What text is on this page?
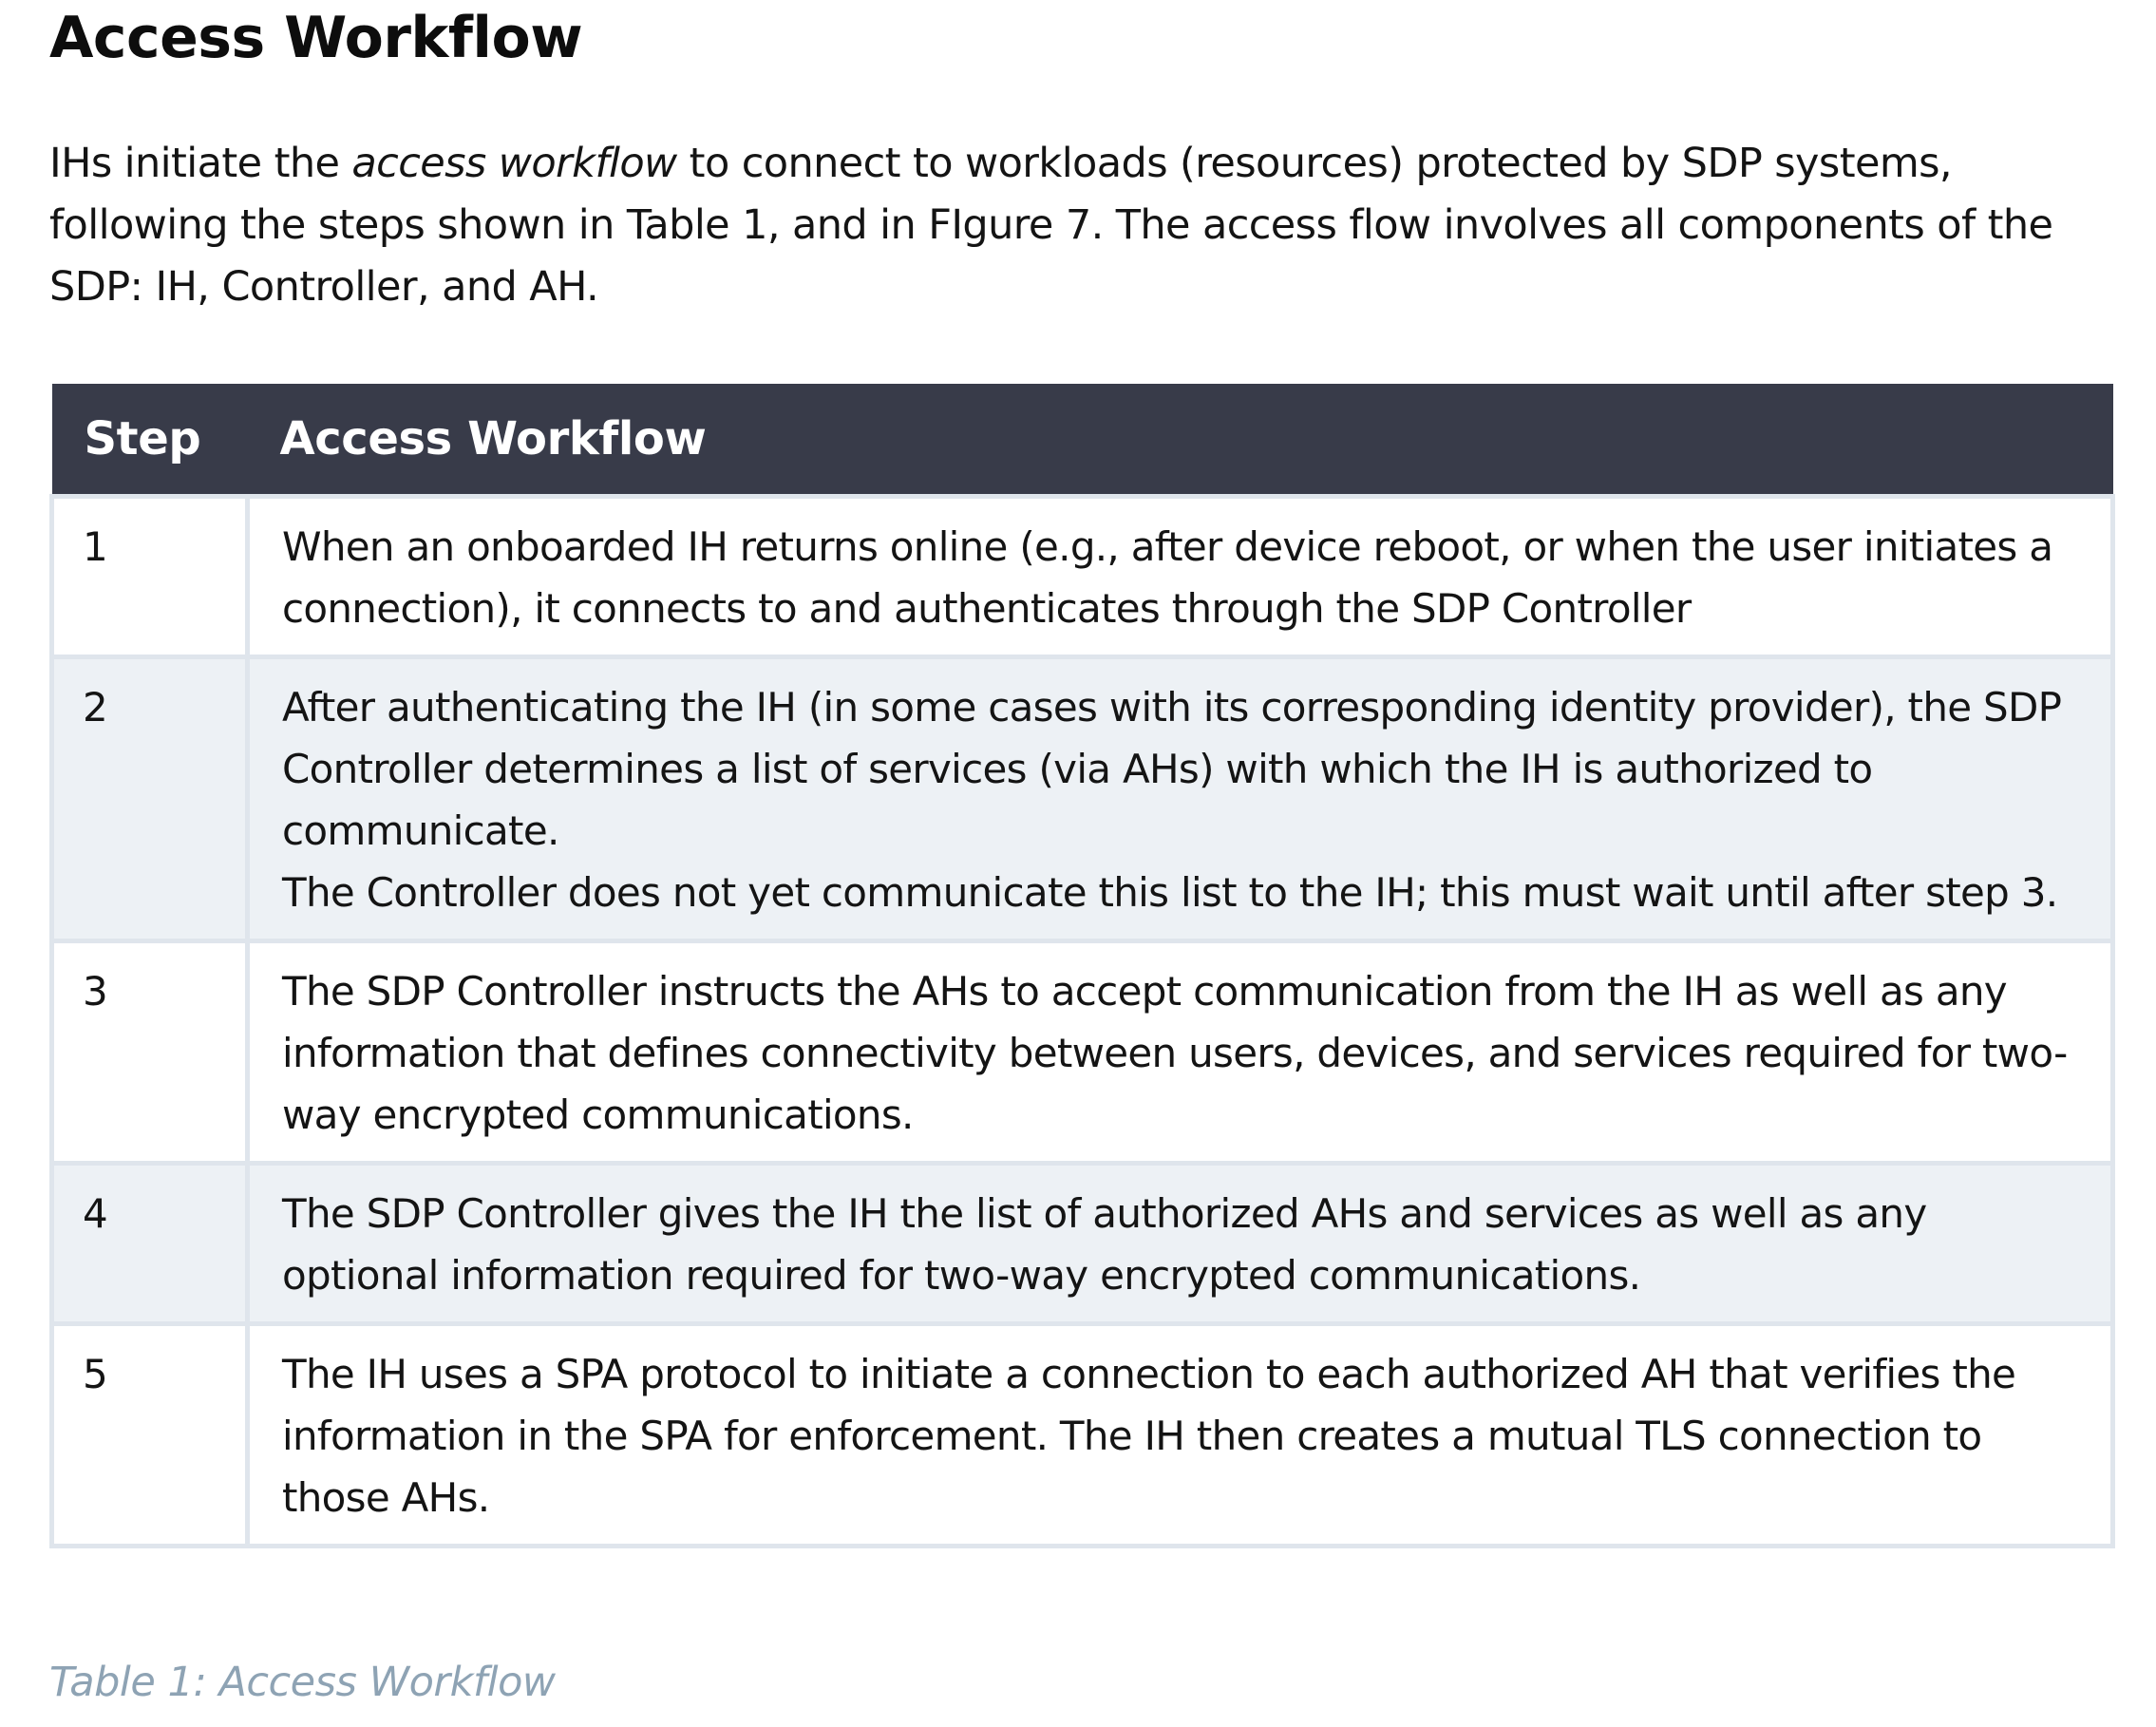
Access Workflow

IHs initiate the access workflow to connect to workloads (resources) protected by SDP systems, following the steps shown in Table 1, and in FIgure 7. The access flow involves all components of the SDP: IH, Controller, and AH.

Step	Access Workflow
1	When an onboarded IH returns online (e.g., after device reboot, or when the user initiates a connection), it connects to and authenticates through the SDP Controller

2	After authenticating the IH (in some cases with its corresponding identity provider), the SDP Controller determines a list of services (via AHs) with which the IH is authorized to communicate.
The Controller does not yet communicate this list to the IH; this must wait until after step 3.

3	The SDP Controller instructs the AHs to accept communication from the IH as well as any information that defines connectivity between users, devices, and services required for two-way encrypted communications.

4	The SDP Controller gives the IH the list of authorized AHs and services as well as any optional information required for two-way encrypted communications.

5	The IH uses a SPA protocol to initiate a connection to each authorized AH that verifies the information in the SPA for enforcement. The IH then creates a mutual TLS connection to those AHs.

Table 1: Access Workflow
